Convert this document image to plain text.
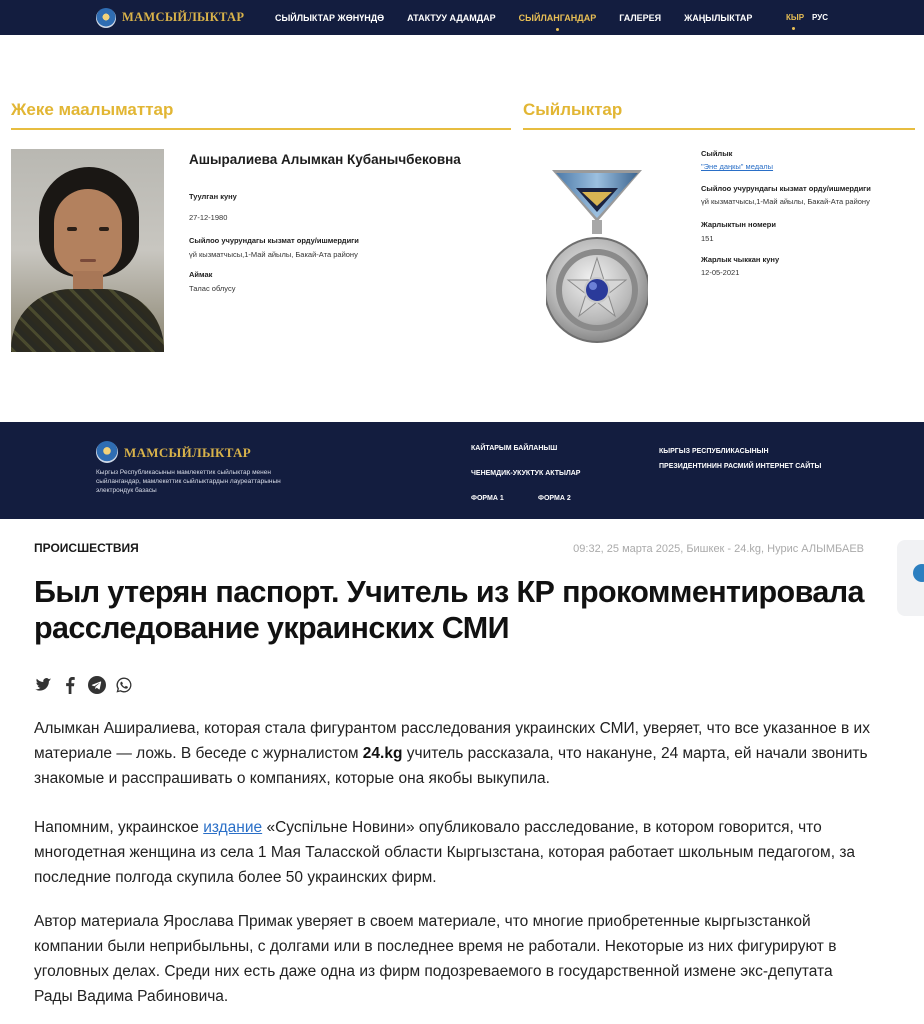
МАМСЫЙЛЫКТАР	СЫЙЛЫКТАР ЖӨНҮНДӨ	АТАКТУУ АДАМДАР	СЫЙЛАНГАНДАР	ГАЛЕРЕЯ	ЖАҢЫЛЫКТАР	КЫР РУС
Жеке маалыматтар
Ашыралиева Алымкан Кубанычбековна
Туулган куну
27-12-1980
Сыйлоо учурундагы кызмат орду/ишмердиги
үй кызматчысы,1-Май айылы, Бакай-Ата району
Аймак
Талас облусу
Сыйлыктар
Сыйлык
"Эне даңкы" медалы
Сыйлоо учурундагы кызмат орду/ишмердиги
үй кызматчысы,1-Май айылы, Бакай-Ата району
Жарлыктын номери
151
Жарлык чыккан куну
12-05-2021
МАМСЫЙЛЫКТАР
Кыргыз Республикасынын мамлекеттик сыйлыктар менен сыйлангандар, мамлекеттик сыйлыктардын лауреаттарынын электрондук базасы
КАЙТАРЫМ БАЙЛАНЫШ
ЧЕНЕМДИК-УКУКТУК АКТЫЛАР
ФОРМА 1	ФОРМА 2
КЫРГЫЗ РЕСПУБЛИКАСЫНЫН ПРЕЗИДЕНТИНИН РАСМИЙ ИНТЕРНЕТ САЙТЫ
ПРОИСШЕСТВИЯ	09:32, 25 марта 2025, Бишкек - 24.kg, Нурис АЛЫМБАЕВ
Был утерян паспорт. Учитель из КР прокомментировала расследование украинских СМИ

Алымкан Аширалиева, которая стала фигурантом расследования украинских СМИ, уверяет, что все указанное в их материале — ложь. В беседе с журналистом 24.kg учитель рассказала, что накануне, 24 марта, ей начали звонить знакомые и расспрашивать о компаниях, которые она якобы выкупила.

Напомним, украинское издание «Суспільне Новини» опубликовало расследование, в котором говорится, что многодетная женщина из села 1 Мая Таласской области Кыргызстана, которая работает школьным педагогом, за последние полгода скупила более 50 украинских фирм.

Автор материала Ярослава Примак уверяет в своем материале, что многие приобретенные кыргызстанкой компании были неприбыльны, с долгами или в последнее время не работали. Некоторые из них фигурируют в уголовных делах. Среди них есть даже одна из фирм подозреваемого в государственной измене экс-депутата Рады Вадима Рабиновича.
